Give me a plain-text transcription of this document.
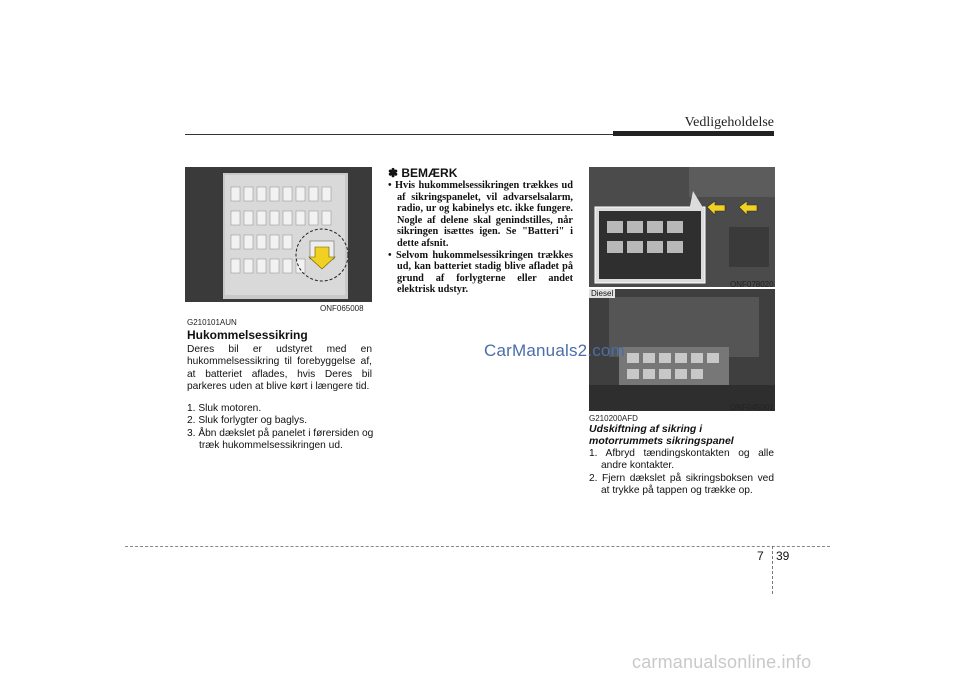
Vedligeholdelse
ONF065008
G210101AUN
Hukommelsessikring
Deres bil er udstyret med en hukommelsessikring til forebyggelse af, at batteriet aflades, hvis Deres bil parkeres uden at blive kørt i længere tid.
1. Sluk motoren.
2. Sluk forlygter og baglys.
3. Åbn dækslet på panelet i førersiden og træk hukommelsessikringen ud.
✽ BEMÆRK
• Hvis hukommelsessikringen trækkes ud af sikringspanelet, vil advarselsalarm, radio, ur og kabinelys etc. ikke fungere. Nogle af delene skal genindstilles, når sikringen isættes igen. Se "Batteri" i dette afsnit.
• Selvom hukommelsessikringen trækkes ud, kan batteriet stadig blive afladet på grund af forlygterne eller andet elektrisk udstyr.	ONF078020
Diesel
ONF045001
G210200AFD
Udskiftning af sikring i
motorrummets sikringspanel
1. Afbryd tændingskontakten og alle andre kontakter.
2. Fjern dækslet på sikringsboksen ved at trykke på tappen og trække op.
CarManuals2.com
7 39
carmanualsonline.info
